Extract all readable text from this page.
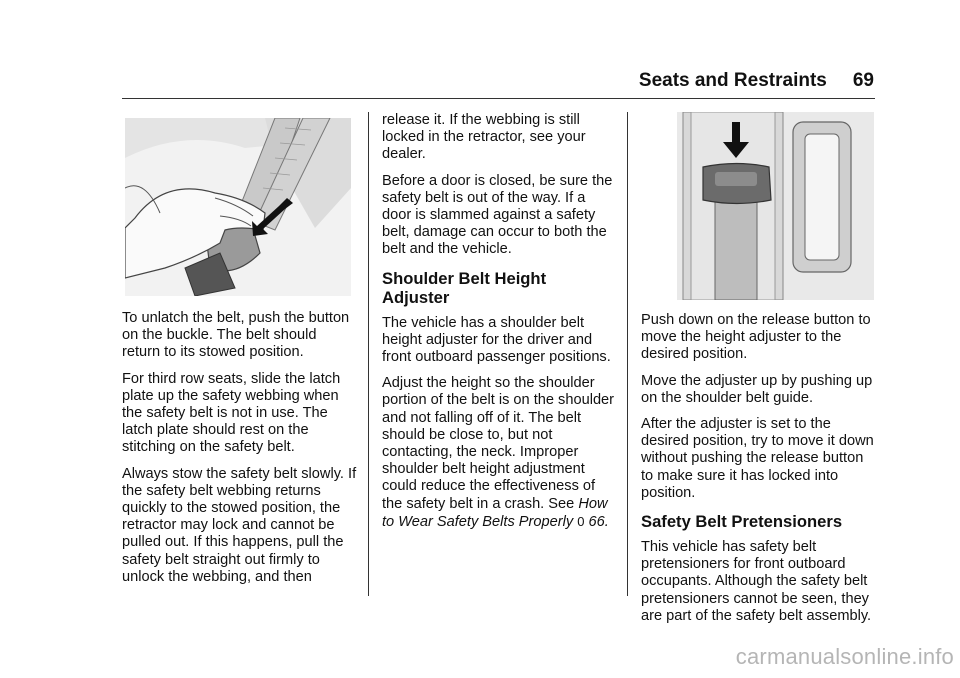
Seats and Restraints 69

To unlatch the belt, push the button on the buckle. The belt should return to its stowed position.

For third row seats, slide the latch plate up the safety webbing when the safety belt is not in use. The latch plate should rest on the stitching on the safety belt.

Always stow the safety belt slowly. If the safety belt webbing returns quickly to the stowed position, the retractor may lock and cannot be pulled out. If this happens, pull the safety belt straight out firmly to unlock the webbing, and then

release it. If the webbing is still locked in the retractor, see your dealer.

Before a door is closed, be sure the safety belt is out of the way. If a door is slammed against a safety belt, damage can occur to both the belt and the vehicle.

Shoulder Belt Height Adjuster

The vehicle has a shoulder belt height adjuster for the driver and front outboard passenger positions.

Adjust the height so the shoulder portion of the belt is on the shoulder and not falling off of it. The belt should be close to, but not contacting, the neck. Improper shoulder belt height adjustment could reduce the effectiveness of the safety belt in a crash. See How to Wear Safety Belts Properly 0 66.

Push down on the release button to move the height adjuster to the desired position.

Move the adjuster up by pushing up on the shoulder belt guide.

After the adjuster is set to the desired position, try to move it down without pushing the release button to make sure it has locked into position.

Safety Belt Pretensioners

This vehicle has safety belt pretensioners for front outboard occupants. Although the safety belt pretensioners cannot be seen, they are part of the safety belt assembly.

carmanualsonline.info
